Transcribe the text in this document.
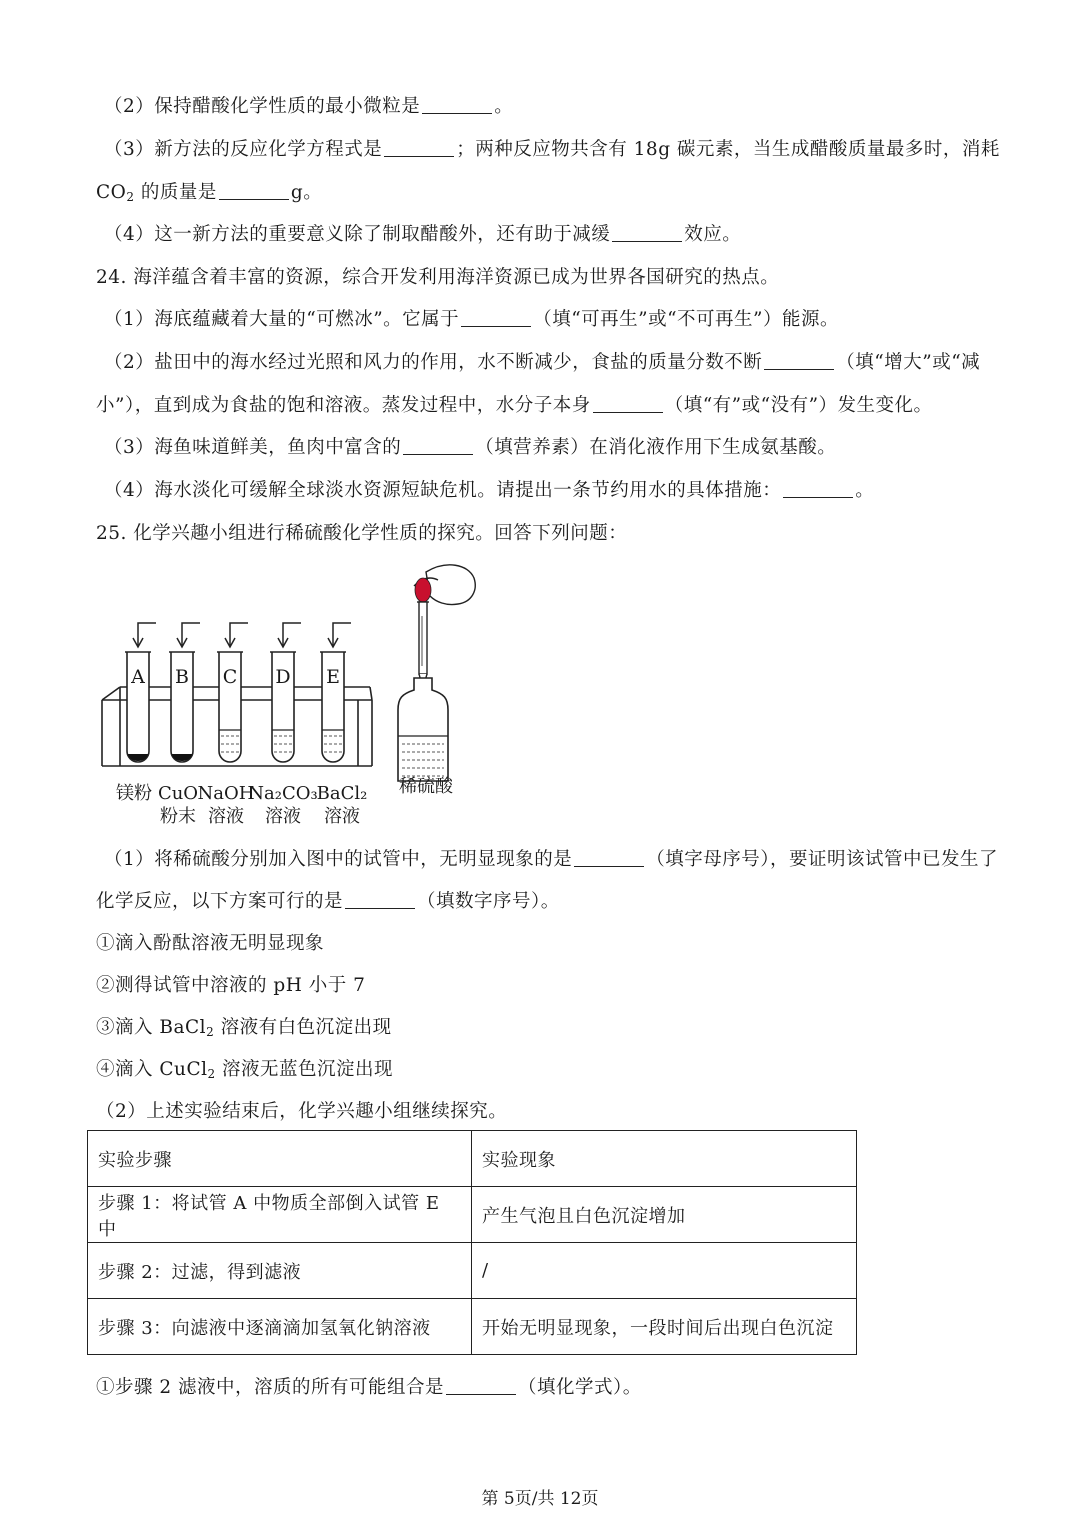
（2）保持醋酸化学性质的最小微粒是	。
（3）新方法的反应化学方程式是	；两种反应物共含有 18g 碳元素，当生成醋酸质量最多时，消耗
$CO_2$ 的质量是	g。
（4）这一新方法的重要意义除了制取醋酸外，还有助于减缓	效应。
24. 海洋蕴含着丰富的资源，综合开发利用海洋资源已成为世界各国研究的热点。
（1）海底蕴藏着大量的“可燃冰”。它属于	（填“可再生”或“不可再生”）能源。
（2）盐田中的海水经过光照和风力的作用，水不断减少，食盐的质量分数不断	（填“增大”或“减
小”），直到成为食盐的饱和溶液。蒸发过程中，水分子本身	（填“有”或“没有”）发生变化。
（3）海鱼味道鲜美，鱼肉中富含的	（填营养素）在消化液作用下生成氨基酸。
（4）海水淡化可缓解全球淡水资源短缺危机。请提出一条节约用水的具体措施：	。
25. 化学兴趣小组进行稀硫酸化学性质的探究。回答下列问题：
A B C D E
镁粉 CuO
粉末
NaOH
溶液
Na₂CO₃
溶液
BaCl₂
溶液
稀硫酸
（1）将稀硫酸分别加入图中的试管中，无明显现象的是	（填字母序号），要证明该试管中已发生了
化学反应，以下方案可行的是	（填数字序号）。
①滴入酚酞溶液无明显现象
②测得试管中溶液的 pH 小于 7
③滴入 BaCl$_2$ 溶液有白色沉淀出现
④滴入 CuCl$_2$ 溶液无蓝色沉淀出现
（2）上述实验结束后，化学兴趣小组继续探究。
实验步骤	实验现象
步骤 1：将试管 A 中物质全部倒入试管 E 中	产生气泡且白色沉淀增加
步骤 2：过滤，得到滤液	/
步骤 3：向滤液中逐滴滴加氢氧化钠溶液	开始无明显现象，一段时间后出现白色沉淀
①步骤 2 滤液中，溶质的所有可能组合是	（填化学式）。
第 5页/共 12页
